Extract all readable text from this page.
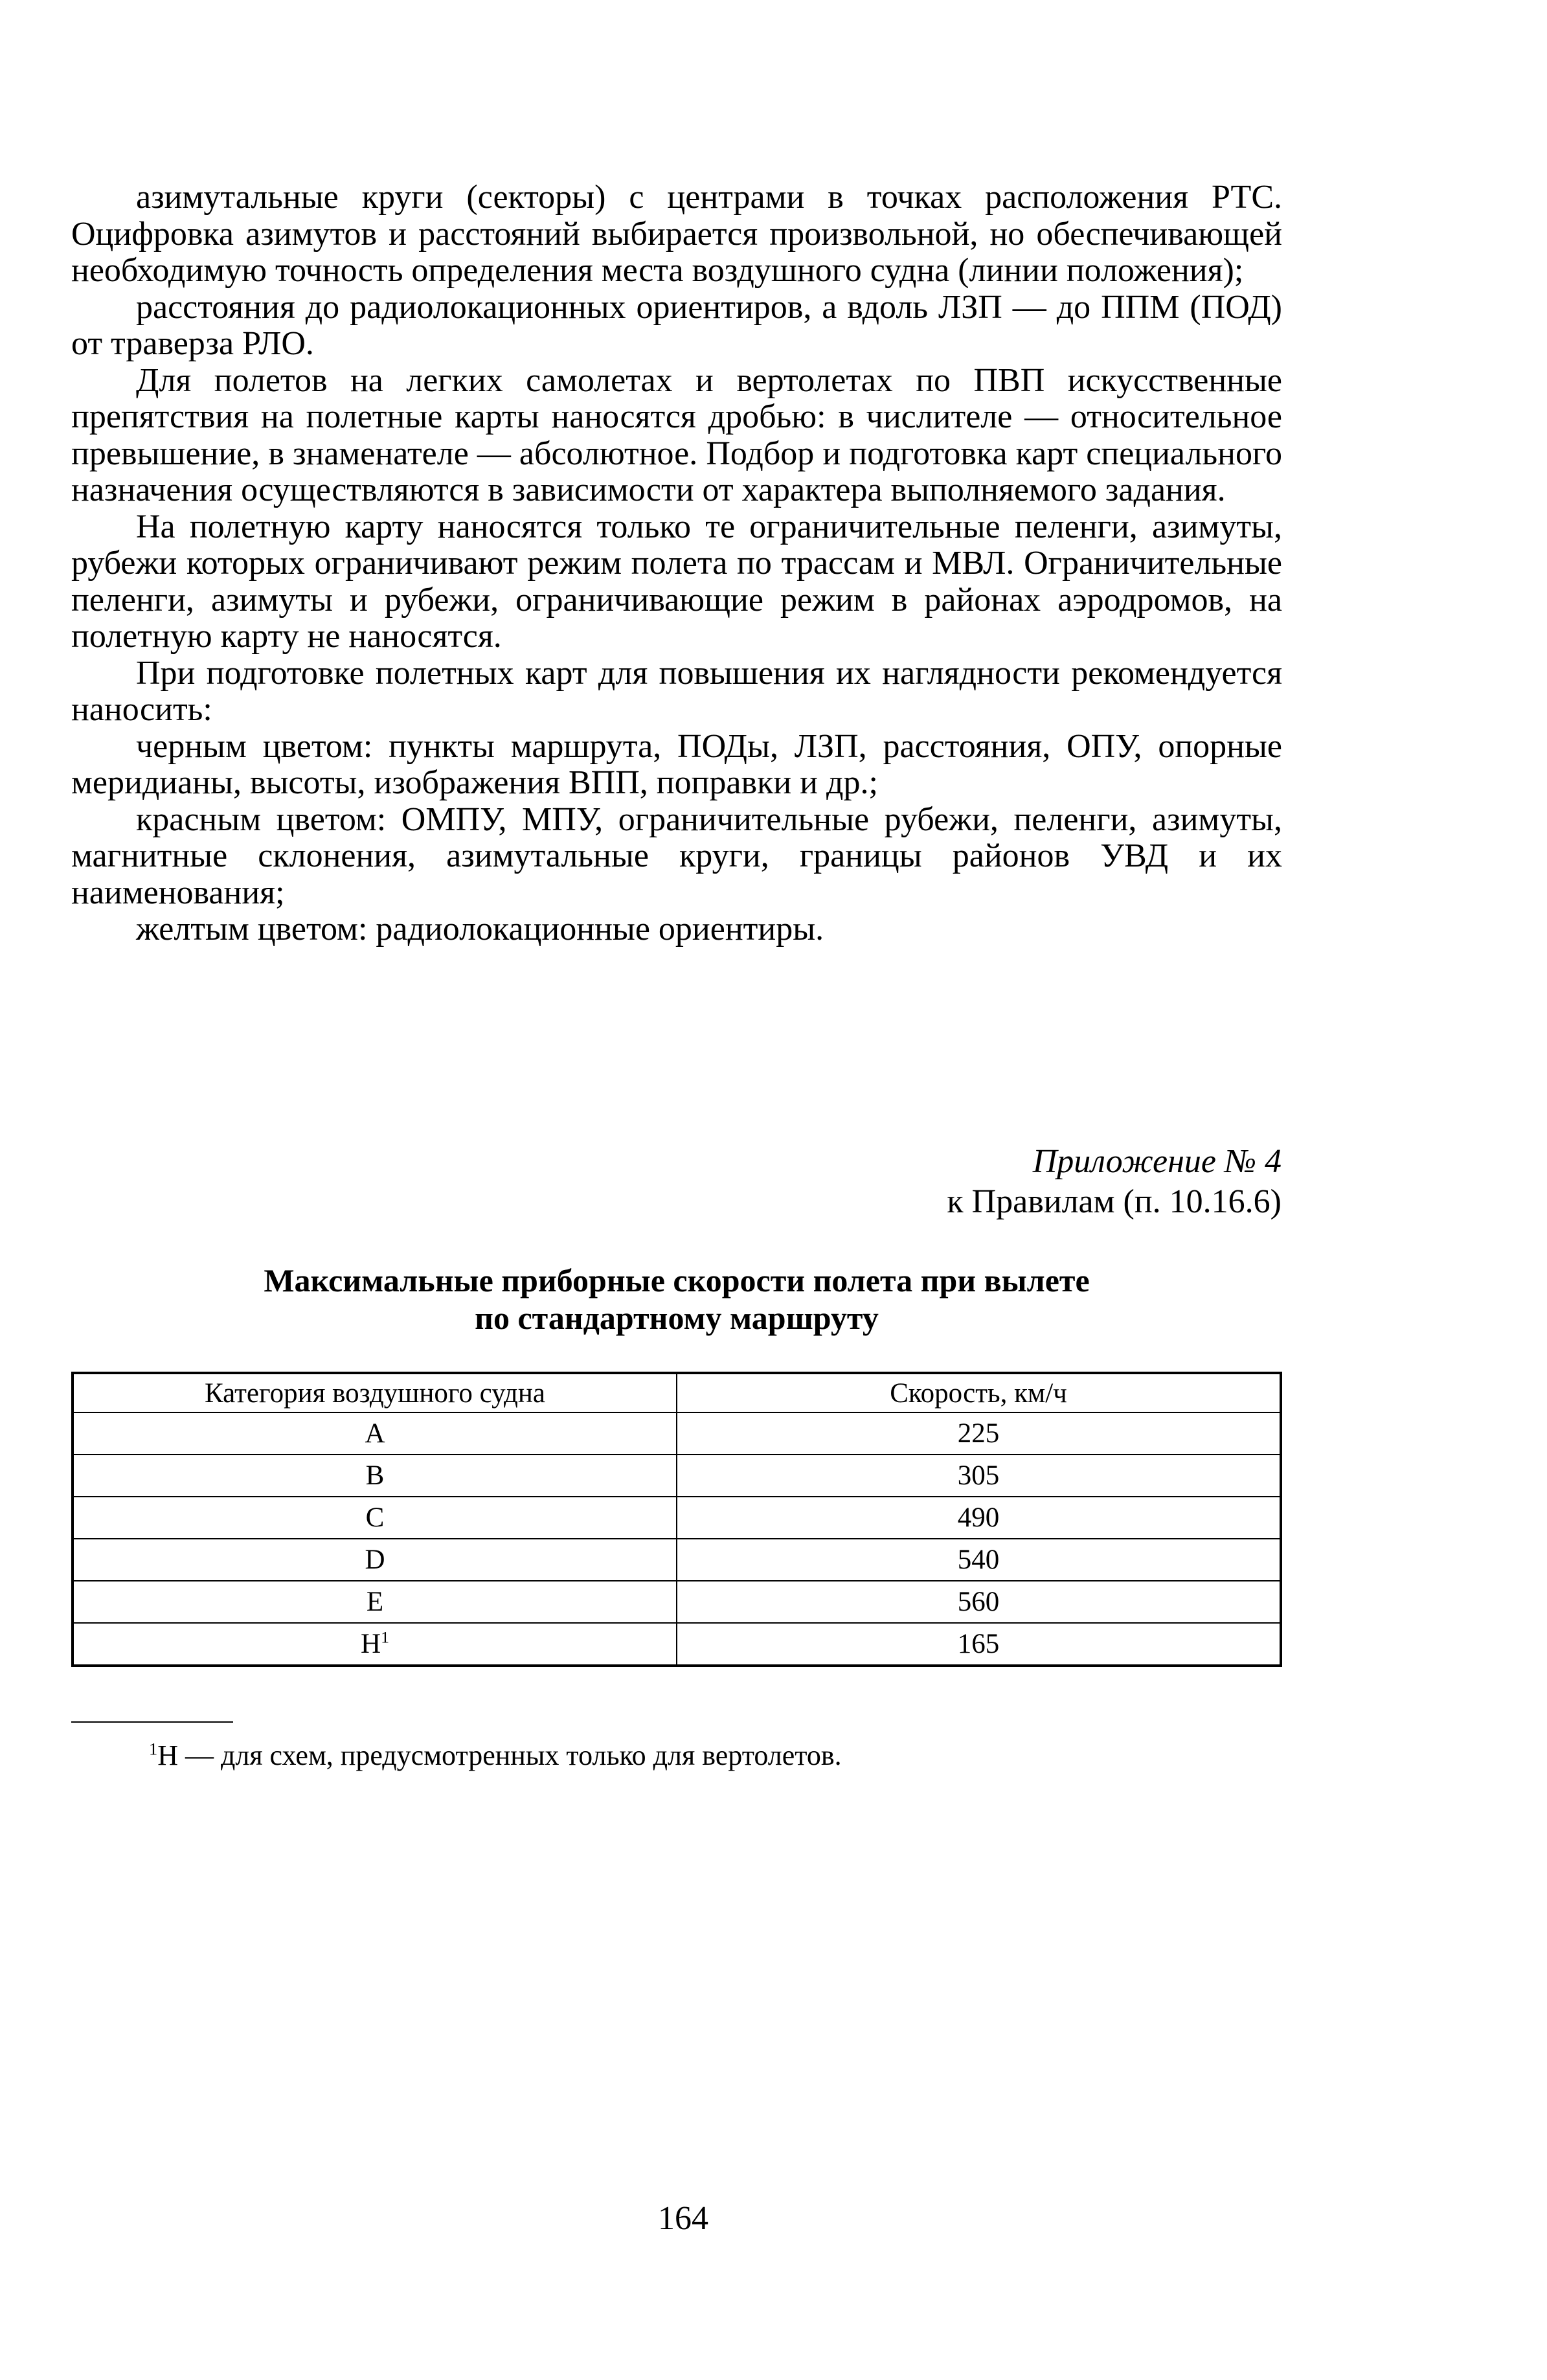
азимутальные круги (секторы) с центрами в точках расположения РТС. Оцифровка азимутов и расстояний выбирается произвольной, но обеспечивающей необходимую точность определения места воздушного судна (линии положения);

расстояния до радиолокационных ориентиров, а вдоль ЛЗП — до ППМ (ПОД) от траверза РЛО.

Для полетов на легких самолетах и вертолетах по ПВП искусственные препятствия на полетные карты наносятся дробью: в числителе — относительное превышение, в знаменателе — абсолютное. Подбор и подготовка карт специального назначения осуществляются в зависимости от характера выполняемого задания.

На полетную карту наносятся только те ограничительные пеленги, азимуты, рубежи которых ограничивают режим полета по трассам и МВЛ. Ограничительные пеленги, азимуты и рубежи, ограничивающие режим в районах аэродромов, на полетную карту не наносятся.

При подготовке полетных карт для повышения их наглядности рекомендуется наносить:

черным цветом: пункты маршрута, ПОДы, ЛЗП, расстояния, ОПУ, опорные меридианы, высоты, изображения ВПП, поправки и др.;

красным цветом: ОМПУ, МПУ, ограничительные рубежи, пеленги, азимуты, магнитные склонения, азимутальные круги, границы районов УВД и их наименования;

желтым цветом: радиолокационные ориентиры.

Приложение № 4
к Правилам (п. 10.16.6)
Максимальные приборные скорости полета при вылете
по стандартному маршруту
Категория воздушного судна	Скорость, км/ч
A	225
B	305
C	490
D	540
E	560
$H^1$	165
$^1$Н — для схем, предусмотренных только для вертолетов.
164
